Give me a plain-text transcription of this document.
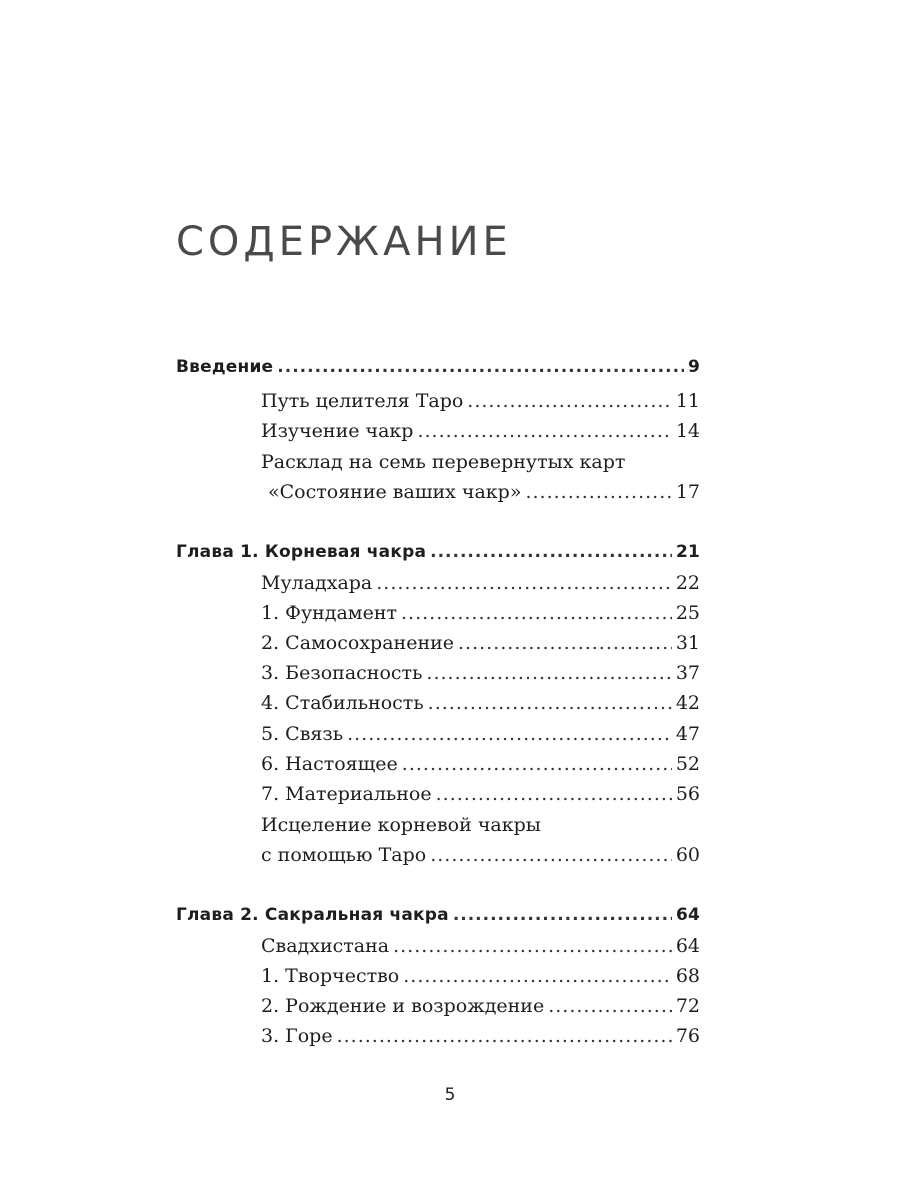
СОДЕРЖАНИЕ
Введение .....	9
Путь целителя Таро .....	11
Изучение чакр .....	14
Расклад на семь перевернутых карт
«Состояние ваших чакр» .....	17
Глава 1. Корневая чакра .....	21
Муладхара .....	22
1. Фундамент .....	25
2. Самосохранение .....	31
3. Безопасность .....	37
4. Стабильность .....	42
5. Связь .....	47
6. Настоящее .....	52
7. Материальное .....	56
Исцеление корневой чакры
с помощью Таро .....	60
Глава 2. Сакральная чакра .....	64
Свадхистана .....	64
1. Творчество .....	68
2. Рождение и возрождение .....	72
3. Горе .....	76
5
